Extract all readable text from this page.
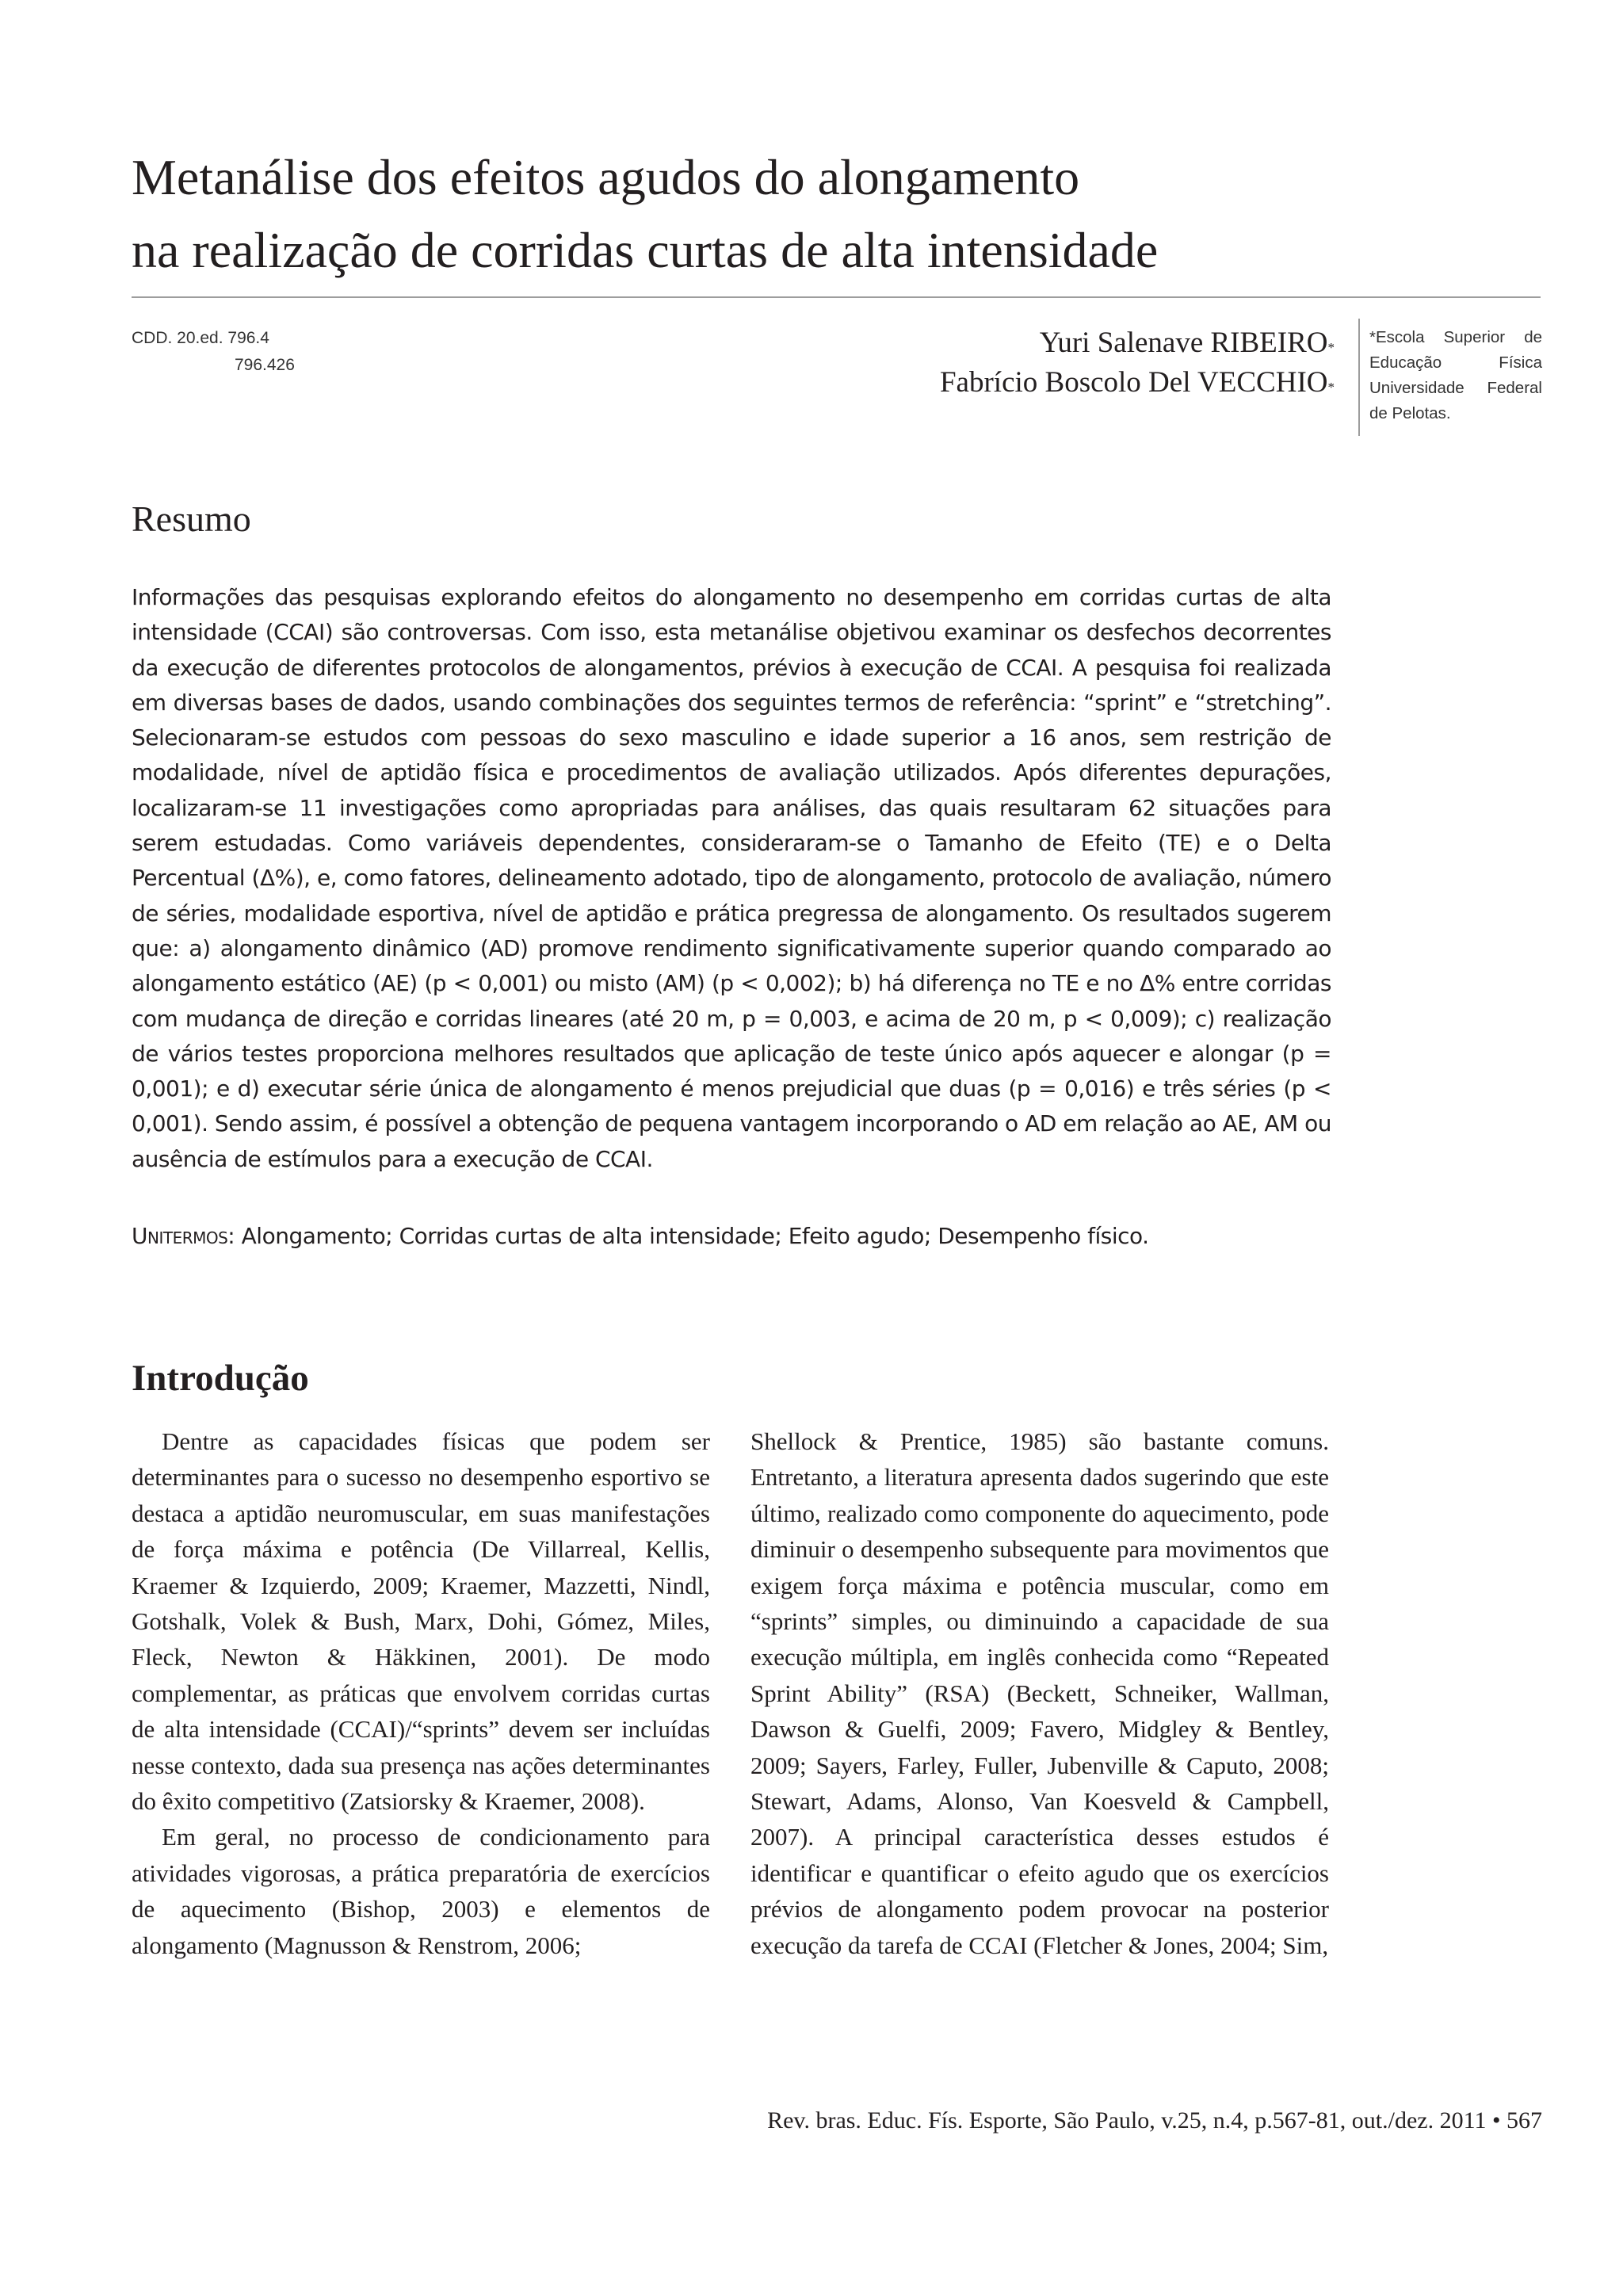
Metanálise dos efeitos agudos do alongamento
na realização de corridas curtas de alta intensidade
CDD. 20.ed. 796.4
796.426
Yuri Salenave RIBEIRO*
Fabrício Boscolo Del VECCHIO*
*Escola Superior de Educação Física Universidade Federal de Pelotas.
Resumo

Informações das pesquisas explorando efeitos do alongamento no desempenho em corridas curtas de alta intensidade (CCAI) são controversas. Com isso, esta metanálise objetivou examinar os desfechos decorrentes da execução de diferentes protocolos de alongamentos, prévios à execução de CCAI. A pesquisa foi realizada em diversas bases de dados, usando combinações dos seguintes termos de referência: “sprint” e “stretching”. Selecionaram-se estudos com pessoas do sexo masculino e idade superior a 16 anos, sem restrição de modalidade, nível de aptidão física e procedimentos de avaliação utilizados. Após diferentes depurações, localizaram-se 11 investigações como apropriadas para análises, das quais resultaram 62 situações para serem estudadas. Como variáveis dependentes, consideraram-se o Tamanho de Efeito (TE) e o Delta Percentual (Δ%), e, como fatores, delineamento adotado, tipo de alongamento, protocolo de avaliação, número de séries, modalidade esportiva, nível de aptidão e prática pregressa de alongamento. Os resultados sugerem que: a) alongamento dinâmico (AD) promove rendimento significativamente superior quando comparado ao alongamento estático (AE) (p < 0,001) ou misto (AM) (p < 0,002); b) há diferença no TE e no Δ% entre corridas com mudança de direção e corridas lineares (até 20 m, p = 0,003, e acima de 20 m, p < 0,009); c) realização de vários testes proporciona melhores resultados que aplicação de teste único após aquecer e alongar (p = 0,001); e d) executar série única de alongamento é menos prejudicial que duas (p = 0,016) e três séries (p < 0,001). Sendo assim, é possível a obtenção de pequena vantagem incorporando o AD em relação ao AE, AM ou ausência de estímulos para a execução de CCAI.

Unitermos: Alongamento; Corridas curtas de alta intensidade; Efeito agudo; Desempenho físico.

Introdução

Dentre as capacidades físicas que podem ser determinantes para o sucesso no desempenho esportivo se destaca a aptidão neuromuscular, em suas manifestações de força máxima e potência (De Villarreal, Kellis, Kraemer & Izquierdo, 2009; Kraemer, Mazzetti, Nindl, Gotshalk, Volek & Bush, Marx, Dohi, Gómez, Miles, Fleck, Newton & Häkkinen, 2001). De modo complementar, as práticas que envolvem corridas curtas de alta intensidade (CCAI)/“sprints” devem ser incluídas nesse contexto, dada sua presença nas ações determinantes do êxito competitivo (Zatsiorsky & Kraemer, 2008).

Em geral, no processo de condicionamento para atividades vigorosas, a prática preparatória de exercícios de aquecimento (Bishop, 2003) e elementos de alongamento (Magnusson & Renstrom, 2006;

Shellock & Prentice, 1985) são bastante comuns. Entretanto, a literatura apresenta dados sugerindo que este último, realizado como componente do aquecimento, pode diminuir o desempenho subsequente para movimentos que exigem força máxima e potência muscular, como em “sprints” simples, ou diminuindo a capacidade de sua execução múltipla, em inglês conhecida como “Repeated Sprint Ability” (RSA) (Beckett, Schneiker, Wallman, Dawson & Guelfi, 2009; Favero, Midgley & Bentley, 2009; Sayers, Farley, Fuller, Jubenville & Caputo, 2008; Stewart, Adams, Alonso, Van Koesveld & Campbell, 2007). A principal característica desses estudos é identificar e quantificar o efeito agudo que os exercícios prévios de alongamento podem provocar na posterior execução da tarefa de CCAI (Fletcher & Jones, 2004; Sim,

Rev. bras. Educ. Fís. Esporte, São Paulo, v.25, n.4, p.567-81, out./dez. 2011 • 567
